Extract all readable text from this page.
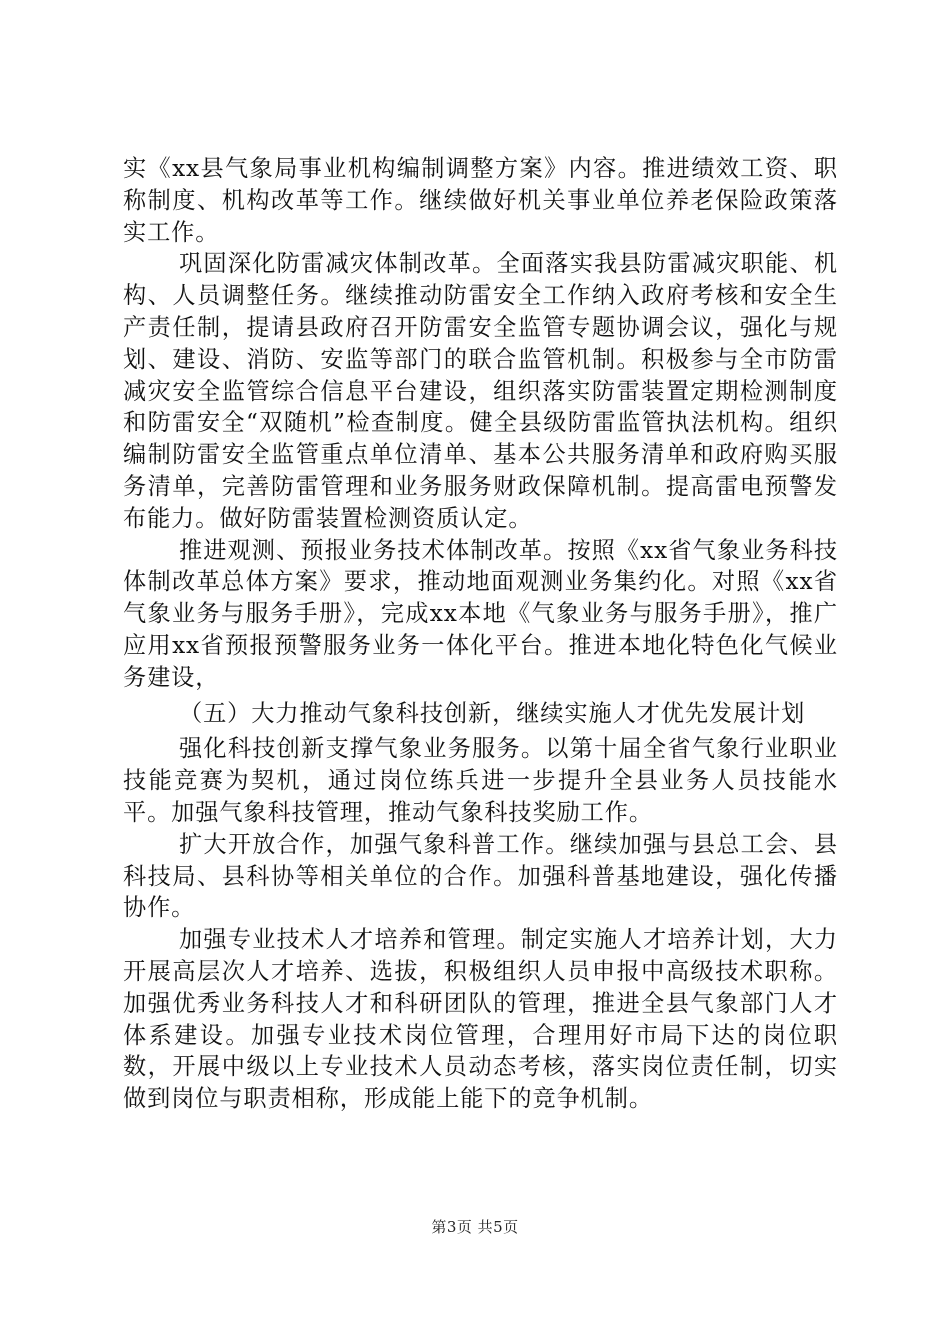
实《xx县气象局事业机构编制调整方案》内容。推进绩效工资、职称制度、机构改革等工作。继续做好机关事业单位养老保险政策落实工作。

巩固深化防雷减灾体制改革。全面落实我县防雷减灾职能、机构、人员调整任务。继续推动防雷安全工作纳入政府考核和安全生产责任制，提请县政府召开防雷安全监管专题协调会议，强化与规划、建设、消防、安监等部门的联合监管机制。积极参与全市防雷减灾安全监管综合信息平台建设，组织落实防雷装置定期检测制度和防雷安全“双随机”检查制度。健全县级防雷监管执法机构。组织编制防雷安全监管重点单位清单、基本公共服务清单和政府购买服务清单，完善防雷管理和业务服务财政保障机制。提高雷电预警发布能力。做好防雷装置检测资质认定。

推进观测、预报业务技术体制改革。按照《xx省气象业务科技体制改革总体方案》要求，推动地面观测业务集约化。对照《xx省气象业务与服务手册》，完成xx本地《气象业务与服务手册》，推广应用xx省预报预警服务业务一体化平台。推进本地化特色化气候业务建设，

（五）大力推动气象科技创新，继续实施人才优先发展计划

强化科技创新支撑气象业务服务。以第十届全省气象行业职业技能竞赛为契机，通过岗位练兵进一步提升全县业务人员技能水平。加强气象科技管理，推动气象科技奖励工作。

扩大开放合作，加强气象科普工作。继续加强与县总工会、县科技局、县科协等相关单位的合作。加强科普基地建设，强化传播协作。

加强专业技术人才培养和管理。制定实施人才培养计划，大力开展高层次人才培养、选拔，积极组织人员申报中高级技术职称。加强优秀业务科技人才和科研团队的管理，推进全县气象部门人才体系建设。加强专业技术岗位管理，合理用好市局下达的岗位职数，开展中级以上专业技术人员动态考核，落实岗位责任制，切实做到岗位与职责相称，形成能上能下的竞争机制。

第3页 共5页
